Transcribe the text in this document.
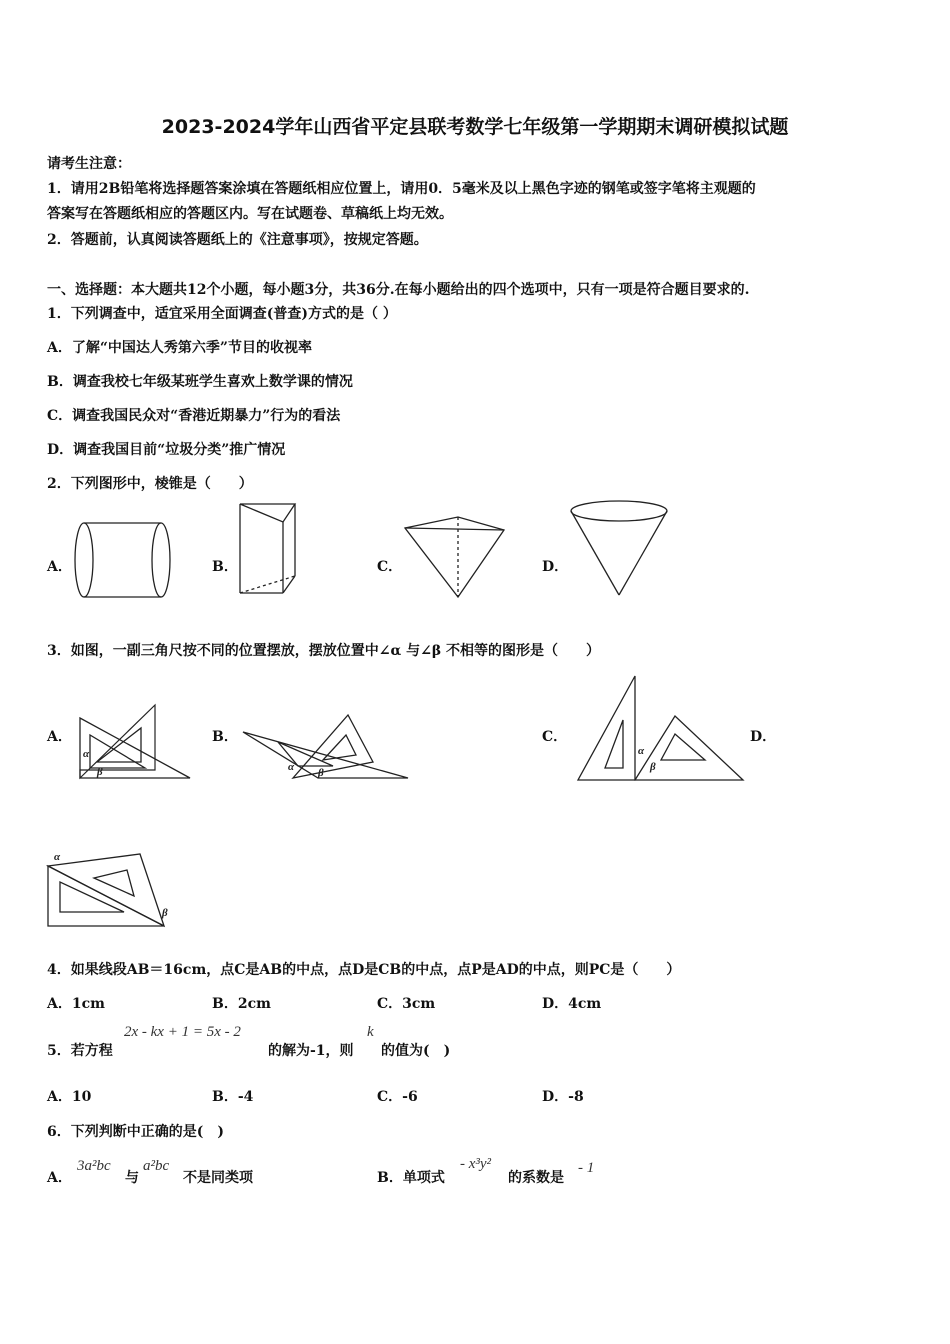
2023-2024学年山西省平定县联考数学七年级第一学期期末调研模拟试题
请考生注意：
1．请用2B铅笔将选择题答案涂填在答题纸相应位置上，请用0．5毫米及以上黑色字迹的钢笔或签字笔将主观题的
答案写在答题纸相应的答题区内。写在试题卷、草稿纸上均无效。
2．答题前，认真阅读答题纸上的《注意事项》，按规定答题。
一、选择题：本大题共12个小题，每小题3分，共36分.在每小题给出的四个选项中，只有一项是符合题目要求的.
1．下列调查中，适宜采用全面调查(普查)方式的是（ ）
A．了解“中国达人秀第六季”节目的收视率
B．调查我校七年级某班学生喜欢上数学课的情况
C．调查我国民众对“香港近期暴力”行为的看法
D．调查我国目前“垃圾分类”推广情况
2．下列图形中，棱锥是（　　）
A．	B．	C．	D．
3．如图，一副三角尺按不同的位置摆放，摆放位置中∠α 与∠β 不相等的图形是（　　）
A．	B．	C．	D．
α
β	α β
α
β
α
β
4．如果线段AB＝16cm，点C是AB的中点，点D是CB的中点，点P是AD的中点，则PC是（　　）
A．1cm	B．2cm	C．3cm	D．4cm
5．若方程
2x - kx + 1 = 5x - 2
的解为-1，则
k
的值为(　)
A．10	B．-4	C．-6	D．-8
6．下列判断中正确的是(　)
A．
3a²bc
与
a²bc
不是同类项	B．单项式
- x³y²
的系数是
- 1
